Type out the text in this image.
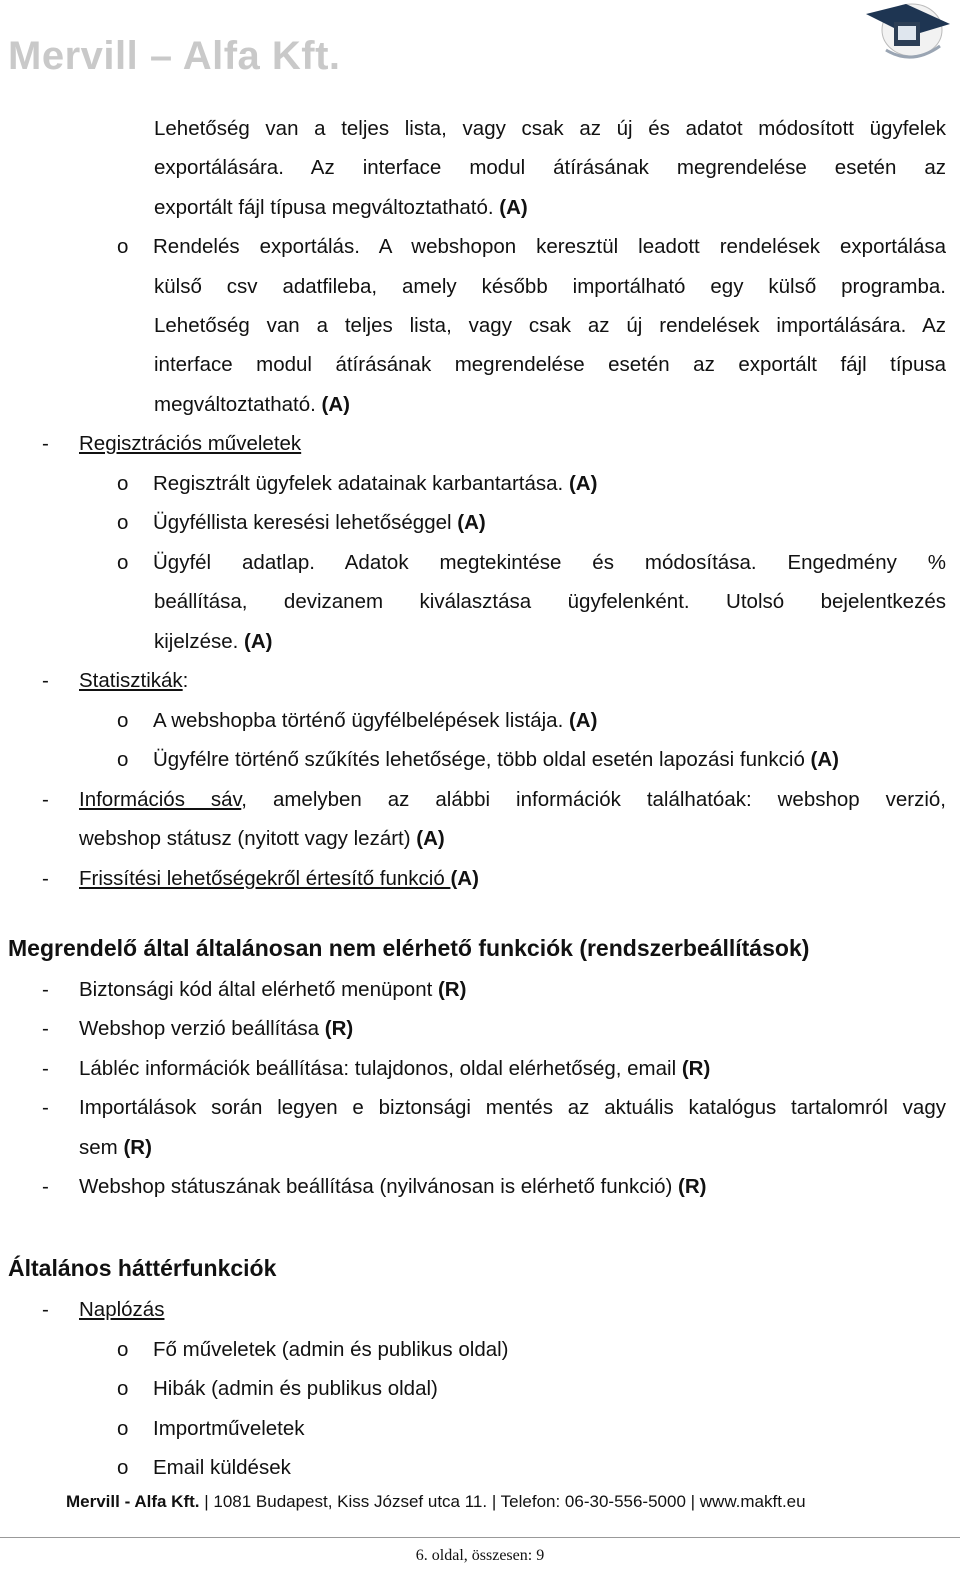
Mervill – Alfa Kft.
Lehetőség van a teljes lista, vagy csak az új és adatot módosított ügyfelek
exportálására. Az interface modul átírásának megrendelése esetén az
exportált fájl típusa megváltoztatható. (A)
o Rendelés exportálás. A webshopon keresztül leadott rendelések exportálása
külső csv adatfileba, amely később importálható egy külső programba.
Lehetőség van a teljes lista, vagy csak az új rendelések importálására. Az
interface modul átírásának megrendelése esetén az exportált fájl típusa
megváltoztatható. (A)
- Regisztrációs műveletek
o Regisztrált ügyfelek adatainak karbantartása. (A)
o Ügyféllista keresési lehetőséggel (A)
o Ügyfél adatlap. Adatok megtekintése és módosítása. Engedmény %
beállítása, devizanem kiválasztása ügyfelenként. Utolsó bejelentkezés
kijelzése. (A)
- Statisztikák:
o A webshopba történő ügyfélbelépések listája. (A)
o Ügyfélre történő szűkítés lehetősége, több oldal esetén lapozási funkció (A)
- Információs sáv, amelyben az alábbi információk találhatóak: webshop verzió,
webshop státusz (nyitott vagy lezárt) (A)
- Frissítési lehetőségekről értesítő funkció (A)
Megrendelő által általánosan nem elérhető funkciók (rendszerbeállítások)
- Biztonsági kód által elérhető menüpont (R)
- Webshop verzió beállítása (R)
- Lábléc információk beállítása: tulajdonos, oldal elérhetőség, email (R)
- Importálások során legyen e biztonsági mentés az aktuális katalógus tartalomról vagy
sem (R)
- Webshop státuszának beállítása (nyilvánosan is elérhető funkció) (R)
Általános háttérfunkciók
- Naplózás
o Fő műveletek (admin és publikus oldal)
o Hibák (admin és publikus oldal)
o Importműveletek
o Email küldések
Mervill - Alfa Kft. | 1081 Budapest, Kiss József utca 11. | Telefon: 06-30-556-5000 | www.makft.eu
6. oldal, összesen: 9
